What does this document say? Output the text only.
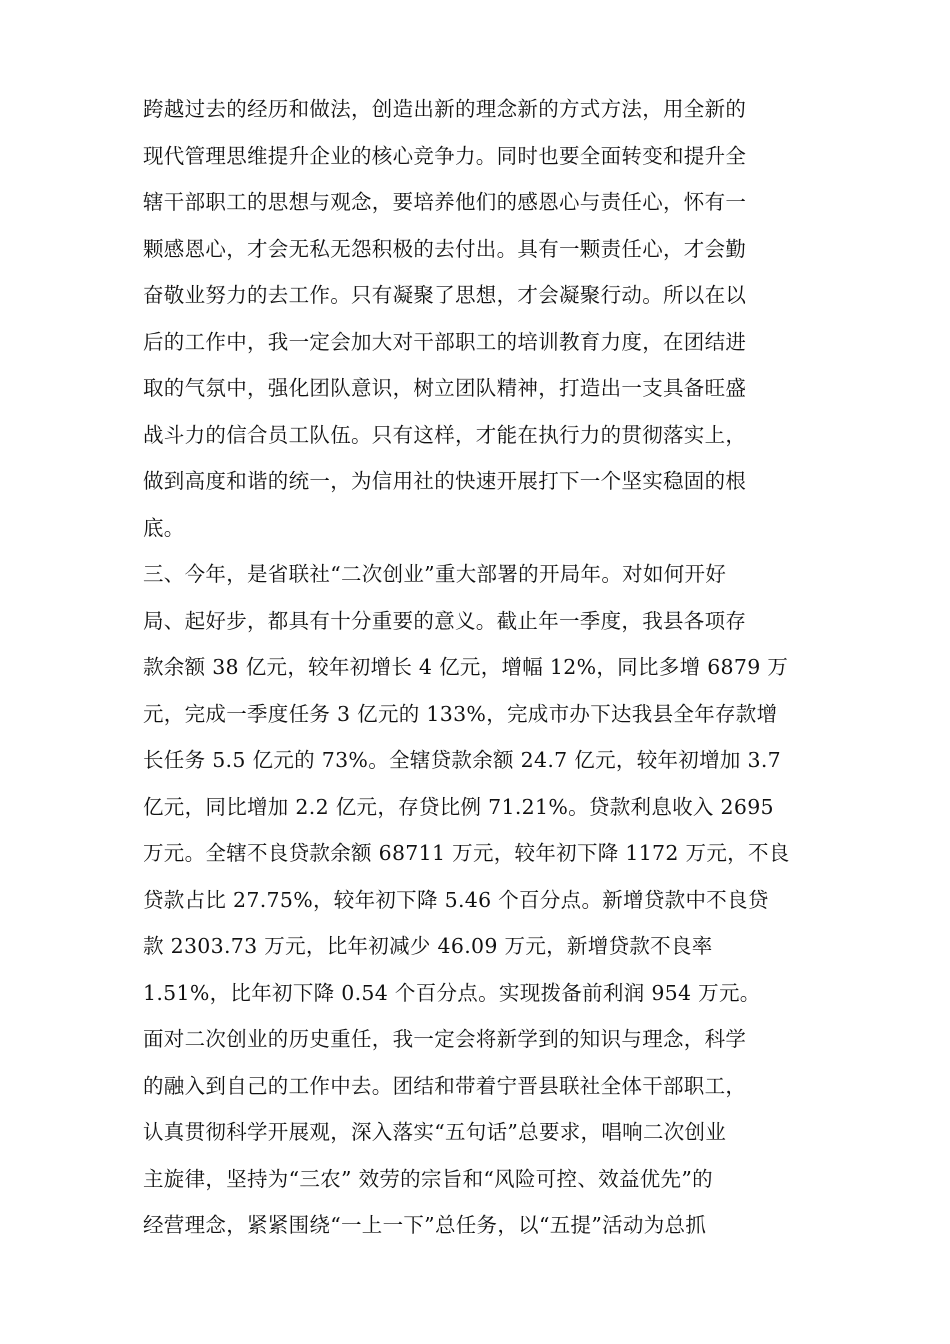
跨越过去的经历和做法，创造出新的理念新的方式方法，用全新的
现代管理思维提升企业的核心竞争力。同时也要全面转变和提升全
辖干部职工的思想与观念，要培养他们的感恩心与责任心，怀有一
颗感恩心，才会无私无怨积极的去付出。具有一颗责任心，才会勤
奋敬业努力的去工作。只有凝聚了思想，才会凝聚行动。所以在以
后的工作中，我一定会加大对干部职工的培训教育力度，在团结进
取的气氛中，强化团队意识，树立团队精神，打造出一支具备旺盛
战斗力的信合员工队伍。只有这样，才能在执行力的贯彻落实上，
做到高度和谐的统一，为信用社的快速开展打下一个坚实稳固的根
底。
三、今年，是省联社“二次创业”重大部署的开局年。对如何开好
局、起好步，都具有十分重要的意义。截止年一季度，我县各项存
款余额 38 亿元，较年初增长 4 亿元，增幅 12%，同比多增 6879 万
元，完成一季度任务 3 亿元的 133%，完成市办下达我县全年存款增
长任务 5.5 亿元的 73%。全辖贷款余额 24.7 亿元，较年初增加 3.7
亿元，同比增加 2.2 亿元，存贷比例 71.21%。贷款利息收入 2695
万元。全辖不良贷款余额 68711 万元，较年初下降 1172 万元，不良
贷款占比 27.75%，较年初下降 5.46 个百分点。新增贷款中不良贷
款 2303.73 万元，比年初减少 46.09 万元，新增贷款不良率
1.51%，比年初下降 0.54 个百分点。实现拨备前利润 954 万元。
面对二次创业的历史重任，我一定会将新学到的知识与理念，科学
的融入到自己的工作中去。团结和带着宁晋县联社全体干部职工，
认真贯彻科学开展观，深入落实“五句话”总要求，唱响二次创业
主旋律，坚持为“三农” 效劳的宗旨和“风险可控、效益优先”的
经营理念，紧紧围绕“一上一下”总任务，以“五提”活动为总抓
